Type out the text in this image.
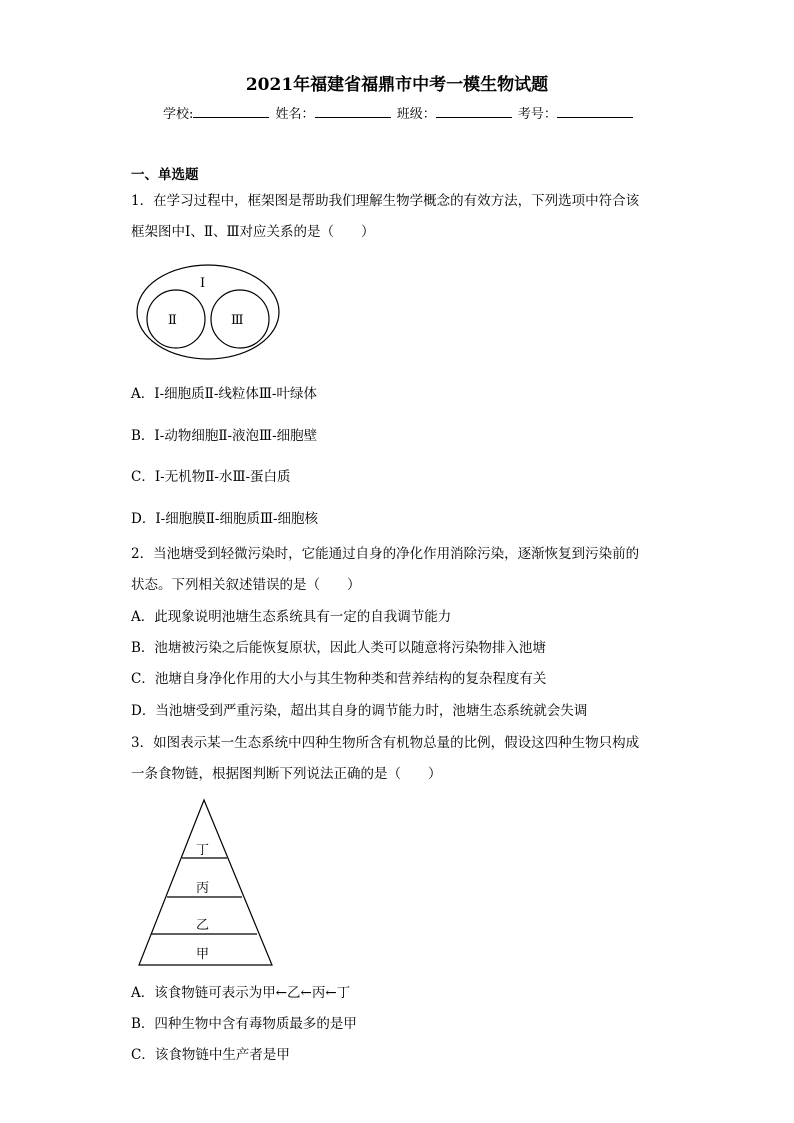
2021年福建省福鼎市中考一模生物试题
学校:	姓名：	班级：	考号：
一、单选题
1．在学习过程中，框架图是帮助我们理解生物学概念的有效方法，下列选项中符合该
框架图中Ⅰ、Ⅱ、Ⅲ对应关系的是（　　）
Ⅰ
Ⅱ	Ⅲ
A．Ⅰ-细胞质Ⅱ-线粒体Ⅲ-叶绿体
B．Ⅰ-动物细胞Ⅱ-液泡Ⅲ-细胞壁
C．Ⅰ-无机物Ⅱ-水Ⅲ-蛋白质
D．Ⅰ-细胞膜Ⅱ-细胞质Ⅲ-细胞核
2．当池塘受到轻微污染时，它能通过自身的净化作用消除污染，逐渐恢复到污染前的
状态。下列相关叙述错误的是（　　）
A．此现象说明池塘生态系统具有一定的自我调节能力
B．池塘被污染之后能恢复原状，因此人类可以随意将污染物排入池塘
C．池塘自身净化作用的大小与其生物种类和营养结构的复杂程度有关
D．当池塘受到严重污染，超出其自身的调节能力时，池塘生态系统就会失调
3．如图表示某一生态系统中四种生物所含有机物总量的比例，假设这四种生物只构成
一条食物链，根据图判断下列说法正确的是（　　）
丁
丙
乙
甲
A．该食物链可表示为甲←乙←丙←丁
B．四种生物中含有毒物质最多的是甲
C．该食物链中生产者是甲
